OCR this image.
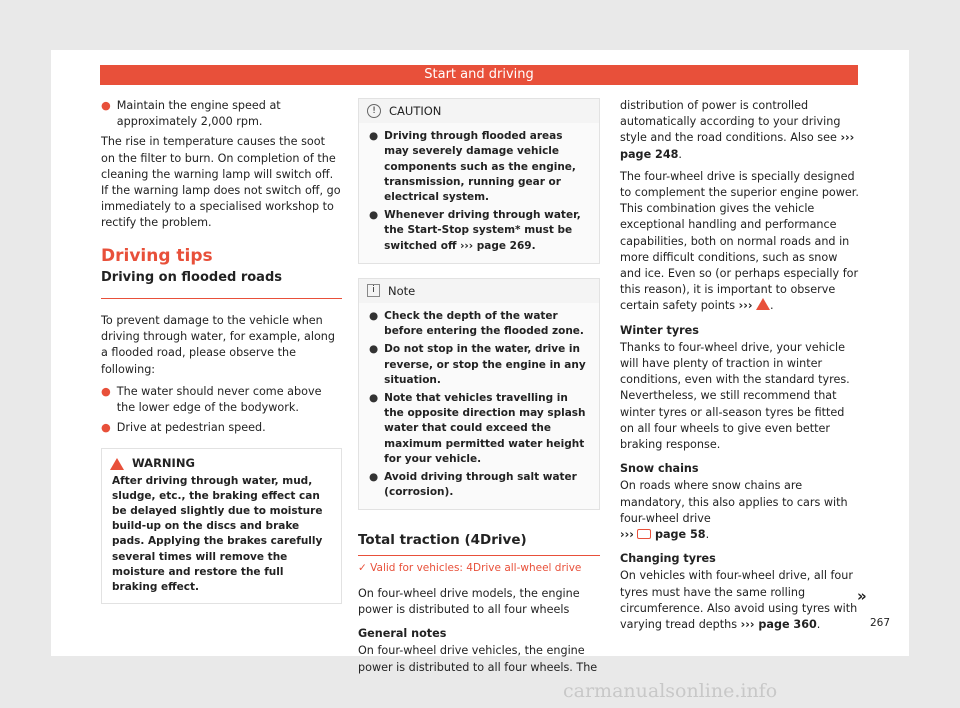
Start and driving
● Maintain the engine speed at approximately 2,000 rpm.

The rise in temperature causes the soot on the filter to burn. On completion of the cleaning the warning lamp will switch off. If the warning lamp does not switch off, go immediately to a specialised workshop to rectify the problem.

Driving tips
Driving on flooded roads

To prevent damage to the vehicle when driving through water, for example, along a flooded road, please observe the following:

● The water should never come above the lower edge of the bodywork.
● Drive at pedestrian speed.
WARNING
After driving through water, mud, sludge, etc., the braking effect can be delayed slightly due to moisture build-up on the discs and brake pads. Applying the brakes carefully several times will remove the moisture and restore the full braking effect.
!	CAUTION
● Driving through flooded areas may severely damage vehicle components such as the engine, transmission, running gear or electrical system.
● Whenever driving through water, the Start-Stop system* must be switched off ››› page 269.
i	Note
● Check the depth of the water before entering the flooded zone.
● Do not stop in the water, drive in reverse, or stop the engine in any situation.
● Note that vehicles travelling in the opposite direction may splash water that could exceed the maximum permitted water height for your vehicle.
● Avoid driving through salt water (corrosion).
Total traction (4Drive)
✓ Valid for vehicles: 4Drive all-wheel drive

On four-wheel drive models, the engine power is distributed to all four wheels

General notes

On four-wheel drive vehicles, the engine power is distributed to all four wheels. The

distribution of power is controlled automatically according to your driving style and the road conditions. Also see ››› page 248.

The four-wheel drive is specially designed to complement the superior engine power. This combination gives the vehicle exceptional handling and performance capabilities, both on normal roads and in more difficult conditions, such as snow and ice. Even so (or perhaps especially for this reason), it is important to observe certain safety points ››› .

Winter tyres

Thanks to four-wheel drive, your vehicle will have plenty of traction in winter conditions, even with the standard tyres. Nevertheless, we still recommend that winter tyres or all-season tyres be fitted on all four wheels to give even better braking response.

Snow chains

On roads where snow chains are mandatory, this also applies to cars with four-wheel drive
››› page 58.

Changing tyres

On vehicles with four-wheel drive, all four tyres must have the same rolling circumference. Also avoid using tyres with varying tread depths ››› page 360.

»
267
carmanualsonline.info
